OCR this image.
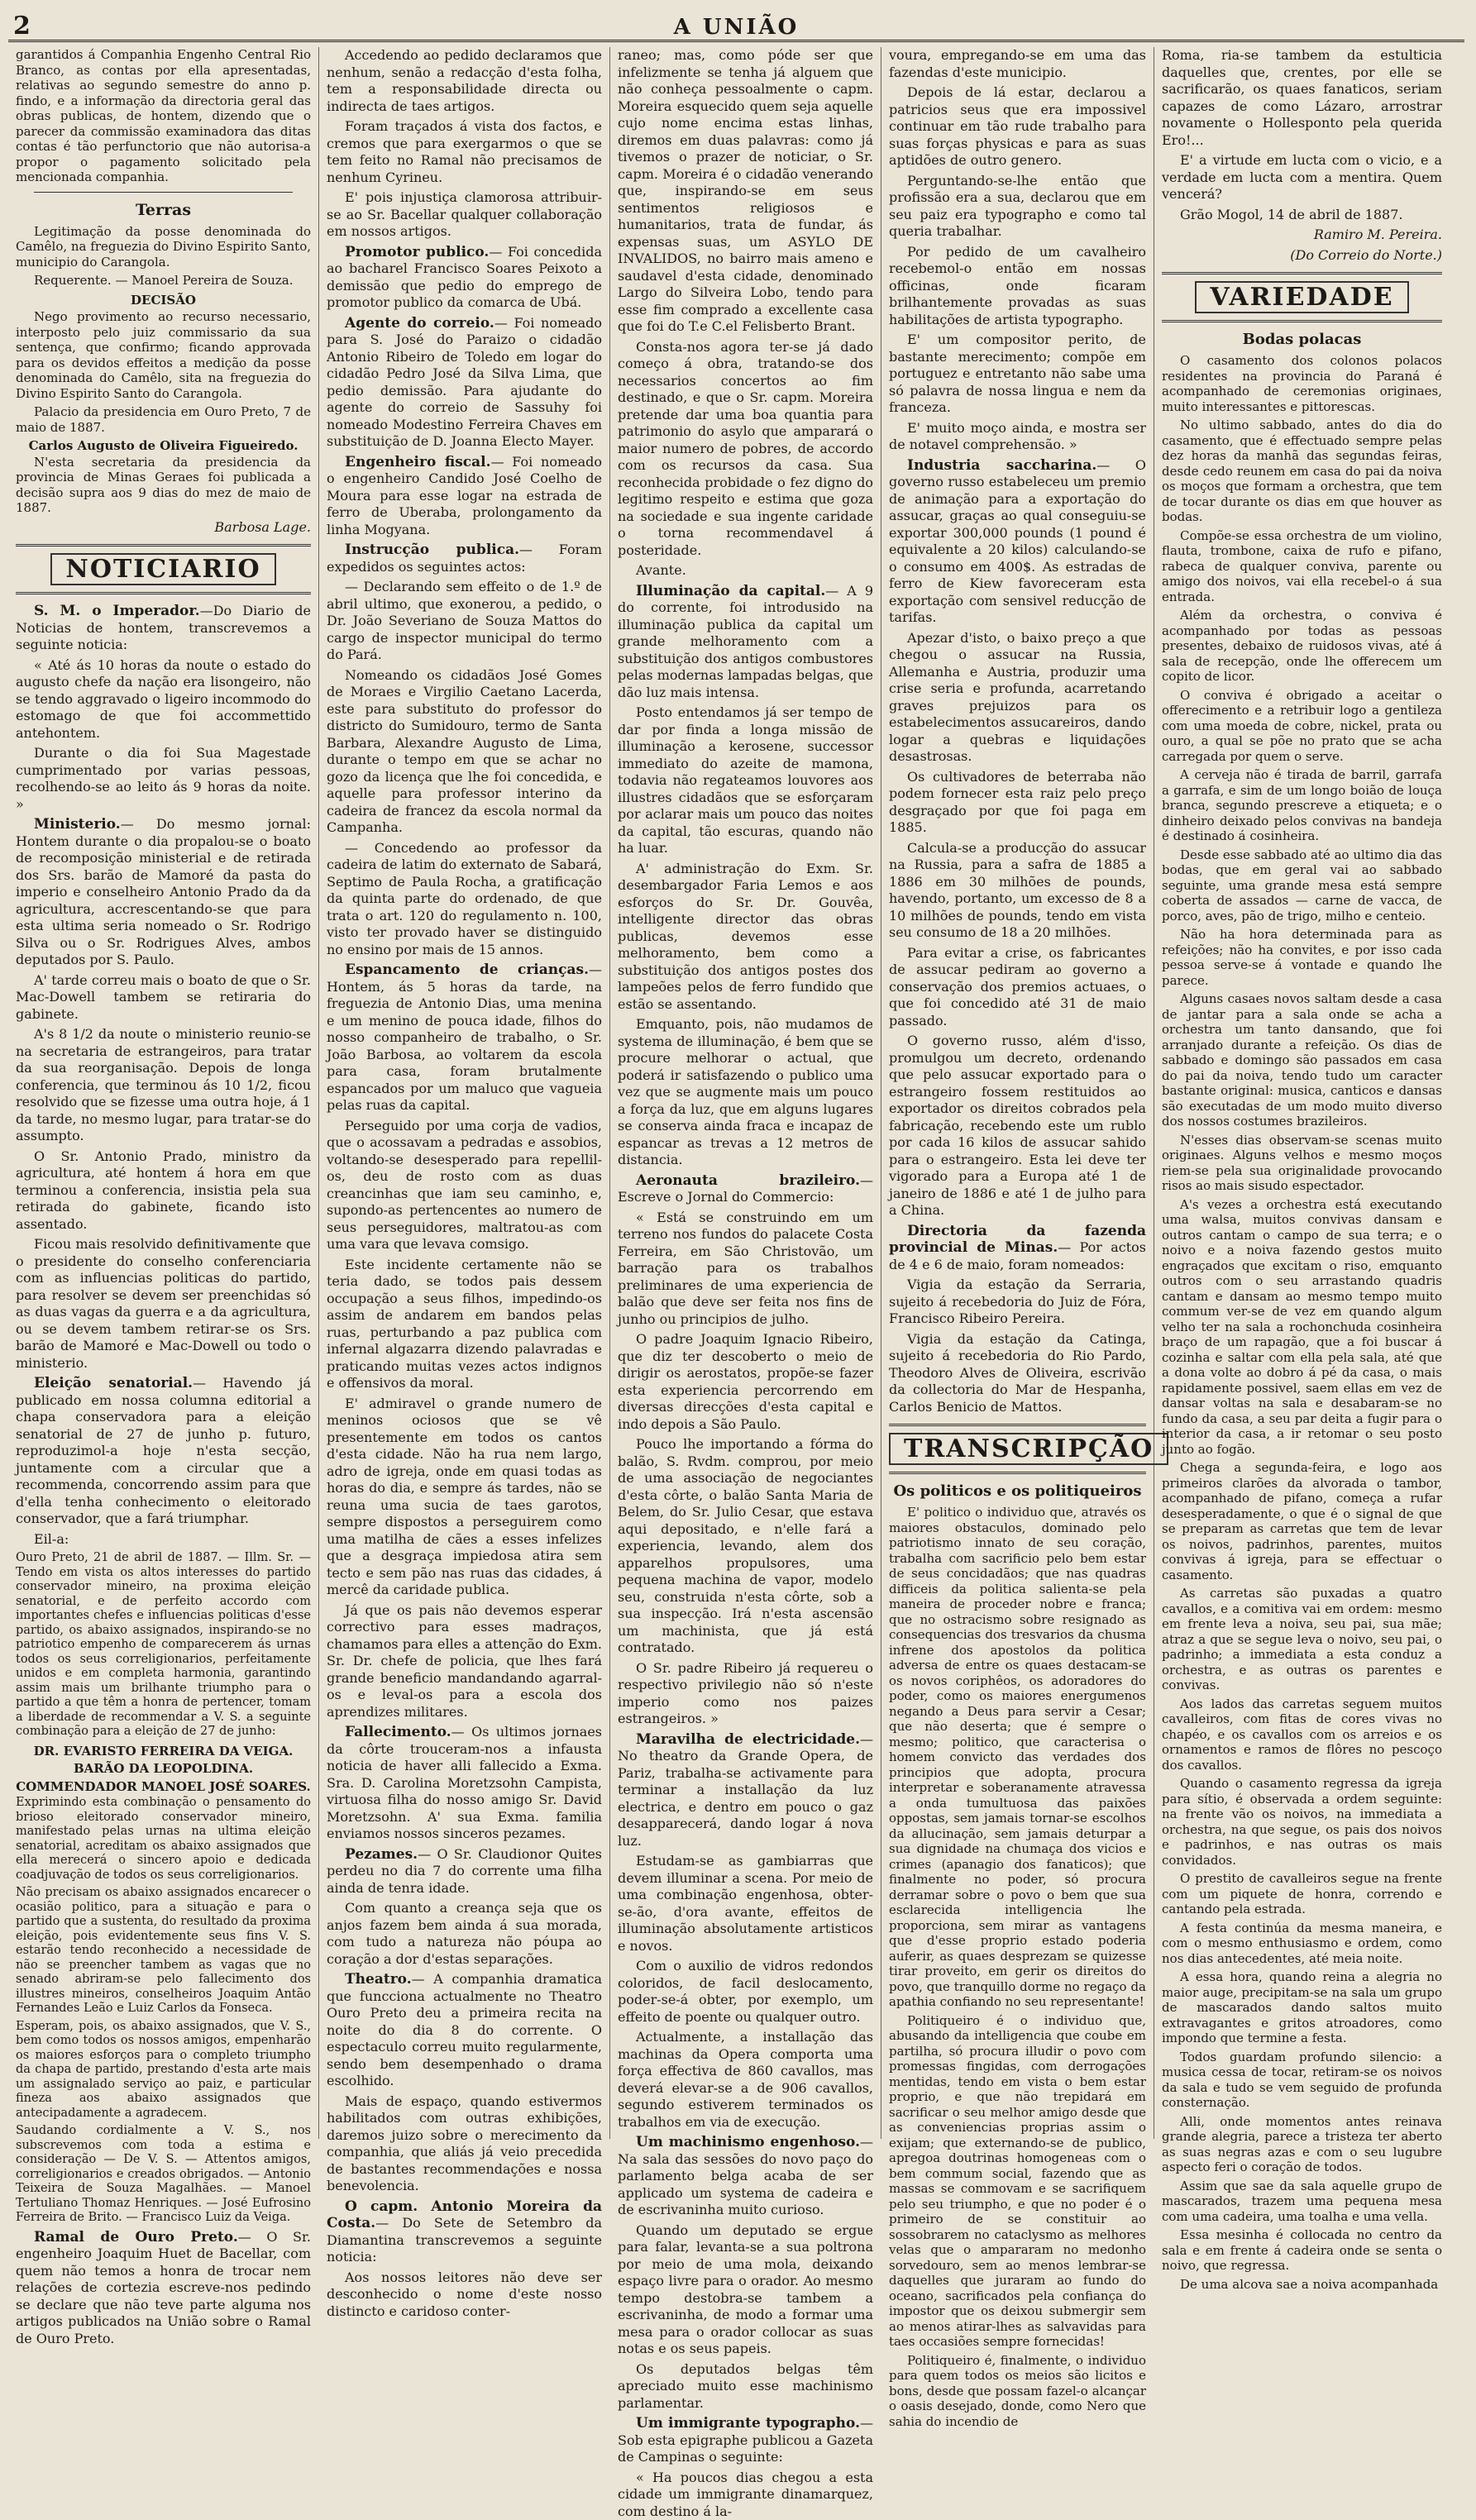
2	A UNIÃO

garantidos á Companhia Engenho Central Rio Branco, as contas por ella apresentadas, relativas ao segundo semestre do anno p. findo, e a informação da directoria geral das obras publicas, de hontem, dizendo que o parecer da commissão examinadora das ditas contas é tão perfunctorio que não autorisa-a propor o pagamento solicitado pela mencionada companhia.

Terras

Legitimação da posse denominada do Camêlo, na freguezia do Divino Espirito Santo, municipio do Carangola.

Requerente. — Manoel Pereira de Souza.

DECISÃO

Nego provimento ao recurso necessario, interposto pelo juiz commissario da sua sentença, que confirmo; ficando approvada para os devidos effeitos a medição da posse denominada do Camêlo, sita na freguezia do Divino Espirito Santo do Carangola.

Palacio da presidencia em Ouro Preto, 7 de maio de 1887.

Carlos Augusto de Oliveira Figueiredo.

N'esta secretaria da presidencia da provincia de Minas Geraes foi publicada a decisão supra aos 9 dias do mez de maio de 1887.

Barbosa Lage.

NOTICIARIO

S. M. o Imperador.—Do Diario de Noticias de hontem, transcrevemos a seguinte noticia:

« Até ás 10 horas da noute o estado do augusto chefe da nação era lisongeiro, não se tendo aggravado o ligeiro incommodo do estomago de que foi accommettido antehontem.

Durante o dia foi Sua Magestade cumprimentado por varias pessoas, recolhendo-se ao leito ás 9 horas da noite. »

Ministerio.— Do mesmo jornal: Hontem durante o dia propalou-se o boato de recomposição ministerial e de retirada dos Srs. barão de Mamoré da pasta do imperio e conselheiro Antonio Prado da da agricultura, accrescentando-se que para esta ultima seria nomeado o Sr. Rodrigo Silva ou o Sr. Rodrigues Alves, ambos deputados por S. Paulo.

A' tarde correu mais o boato de que o Sr. Mac-Dowell tambem se retiraria do gabinete.

A's 8 1/2 da noute o ministerio reunio-se na secretaria de estrangeiros, para tratar da sua reorganisação. Depois de longa conferencia, que terminou ás 10 1/2, ficou resolvido que se fizesse uma outra hoje, á 1 da tarde, no mesmo lugar, para tratar-se do assumpto.

O Sr. Antonio Prado, ministro da agricultura, até hontem á hora em que terminou a conferencia, insistia pela sua retirada do gabinete, ficando isto assentado.

Ficou mais resolvido definitivamente que o presidente do conselho conferenciaria com as influencias politicas do partido, para resolver se devem ser preenchidas só as duas vagas da guerra e a da agricultura, ou se devem tambem retirar-se os Srs. barão de Mamoré e Mac-Dowell ou todo o ministerio.

Eleição senatorial.— Havendo já publicado em nossa columna editorial a chapa conservadora para a eleição senatorial de 27 de junho p. futuro, reproduzimol-a hoje n'esta secção, juntamente com a circular que a recommenda, concorrendo assim para que d'ella tenha conhecimento o eleitorado conservador, que a fará triumphar.

Eil-a:

Ouro Preto, 21 de abril de 1887. — Illm. Sr. — Tendo em vista os altos interesses do partido conservador mineiro, na proxima eleição senatorial, e de perfeito accordo com importantes chefes e influencias politicas d'esse partido, os abaixo assignados, inspirando-se no patriotico empenho de comparecerem ás urnas todos os seus correligionarios, perfeitamente unidos e em completa harmonia, garantindo assim mais um brilhante triumpho para o partido a que têm a honra de pertencer, tomam a liberdade de recommendar a V. S. a seguinte combinação para a eleição de 27 de junho:

DR. EVARISTO FERREIRA DA VEIGA.

BARÃO DA LEOPOLDINA.

COMMENDADOR MANOEL JOSÉ SOARES.

Exprimindo esta combinação o pensamento do brioso eleitorado conservador mineiro, manifestado pelas urnas na ultima eleição senatorial, acreditam os abaixo assignados que ella merecerá o sincero apoio e dedicada coadjuvação de todos os seus correligionarios.

Não precisam os abaixo assignados encarecer o ocasião politico, para a situação e para o partido que a sustenta, do resultado da proxima eleição, pois evidentemente seus fins V. S. estarão tendo reconhecido a necessidade de não se preencher tambem as vagas que no senado abriram-se pelo fallecimento dos illustres mineiros, conselheiros Joaquim Antão Fernandes Leão e Luiz Carlos da Fonseca.

Esperam, pois, os abaixo assignados, que V. S., bem como todos os nossos amigos, empenharão os maiores esforços para o completo triumpho da chapa de partido, prestando d'esta arte mais um assignalado serviço ao paiz, e particular fineza aos abaixo assignados que antecipadamente a agradecem.

Saudando cordialmente a V. S., nos subscrevemos com toda a estima e consideração — De V. S. — Attentos amigos, correligionarios e creados obrigados. — Antonio Teixeira de Souza Magalhães. — Manoel Tertuliano Thomaz Henriques. — José Eufrosino Ferreira de Brito. — Francisco Luiz da Veiga.

Ramal de Ouro Preto.— O Sr. engenheiro Joaquim Huet de Bacellar, com quem não temos a honra de trocar nem relações de cortezia escreve-nos pedindo se declare que não teve parte alguma nos artigos publicados na União sobre o Ramal de Ouro Preto.

Accedendo ao pedido declaramos que nenhum, senão a redacção d'esta folha, tem a responsabilidade directa ou indirecta de taes artigos.

Foram traçados á vista dos factos, e cremos que para exergarmos o que se tem feito no Ramal não precisamos de nenhum Cyrineu.

E' pois injustiça clamorosa attribuir-se ao Sr. Bacellar qualquer collaboração em nossos artigos.

Promotor publico.— Foi concedida ao bacharel Francisco Soares Peixoto a demissão que pedio do emprego de promotor publico da comarca de Ubá.

Agente do correio.— Foi nomeado para S. José do Paraizo o cidadão Antonio Ribeiro de Toledo em logar do cidadão Pedro José da Silva Lima, que pedio demissão. Para ajudante do agente do correio de Sassuhy foi nomeado Modestino Ferreira Chaves em substituição de D. Joanna Electo Mayer.

Engenheiro fiscal.— Foi nomeado o engenheiro Candido José Coelho de Moura para esse logar na estrada de ferro de Uberaba, prolongamento da linha Mogyana.

Instrucção publica.— Foram expedidos os seguintes actos:

— Declarando sem effeito o de 1.º de abril ultimo, que exonerou, a pedido, o Dr. João Severiano de Souza Mattos do cargo de inspector municipal do termo do Pará.

Nomeando os cidadãos José Gomes de Moraes e Virgilio Caetano Lacerda, este para substituto do professor do districto do Sumidouro, termo de Santa Barbara, Alexandre Augusto de Lima, durante o tempo em que se achar no gozo da licença que lhe foi concedida, e aquelle para professor interino da cadeira de francez da escola normal da Campanha.

— Concedendo ao professor da cadeira de latim do externato de Sabará, Septimo de Paula Rocha, a gratificação da quinta parte do ordenado, de que trata o art. 120 do regulamento n. 100, visto ter provado haver se distinguido no ensino por mais de 15 annos.

Espancamento de crianças.— Hontem, ás 5 horas da tarde, na freguezia de Antonio Dias, uma menina e um menino de pouca idade, filhos do nosso companheiro de trabalho, o Sr. João Barbosa, ao voltarem da escola para casa, foram brutalmente espancados por um maluco que vagueia pelas ruas da capital.

Perseguido por uma corja de vadios, que o acossavam a pedradas e assobios, voltando-se desesperado para repellil-os, deu de rosto com as duas creancinhas que iam seu caminho, e, supondo-as pertencentes ao numero de seus perseguidores, maltratou-as com uma vara que levava comsigo.

Este incidente certamente não se teria dado, se todos pais dessem occupação a seus filhos, impedindo-os assim de andarem em bandos pelas ruas, perturbando a paz publica com infernal algazarra dizendo palavradas e praticando muitas vezes actos indignos e offensivos da moral.

E' admiravel o grande numero de meninos ociosos que se vê presentemente em todos os cantos d'esta cidade. Não ha rua nem largo, adro de igreja, onde em quasi todas as horas do dia, e sempre ás tardes, não se reuna uma sucia de taes garotos, sempre dispostos a perseguirem como uma matilha de cães a esses infelizes que a desgraça impiedosa atira sem tecto e sem pão nas ruas das cidades, á mercê da caridade publica.

Já que os pais não devemos esperar correctivo para esses madraços, chamamos para elles a attenção do Exm. Sr. Dr. chefe de policia, que lhes fará grande beneficio mandandando agarral-os e leval-os para a escola dos aprendizes militares.

Fallecimento.— Os ultimos jornaes da côrte trouceram-nos a infausta noticia de haver alli fallecido a Exma. Sra. D. Carolina Moretzsohn Campista, virtuosa filha do nosso amigo Sr. David Moretzsohn. A' sua Exma. familia enviamos nossos sinceros pezames.

Pezames.— O Sr. Claudionor Quites perdeu no dia 7 do corrente uma filha ainda de tenra idade.

Com quanto a creança seja que os anjos fazem bem ainda á sua morada, com tudo a natureza não póupa ao coração a dor d'estas separações.

Theatro.— A companhia dramatica que funcciona actualmente no Theatro Ouro Preto deu a primeira recita na noite do dia 8 do corrente. O espectaculo correu muito regularmente, sendo bem desempenhado o drama escolhido.

Mais de espaço, quando estivermos habilitados com outras exhibições, daremos juizo sobre o merecimento da companhia, que aliás já veio precedida de bastantes recommendações e nossa benevolencia.

O capm. Antonio Moreira da Costa.— Do Sete de Setembro da Diamantina transcrevemos a seguinte noticia:

Aos nossos leitores não deve ser desconhecido o nome d'este nosso distincto e caridoso conter-

raneo; mas, como póde ser que infelizmente se tenha já alguem que não conheça pessoalmente o capm. Moreira esquecido quem seja aquelle cujo nome encima estas linhas, diremos em duas palavras: como já tivemos o prazer de noticiar, o Sr. capm. Moreira é o cidadão venerando que, inspirando-se em seus sentimentos religiosos e humanitarios, trata de fundar, ás expensas suas, um ASYLO DE INVALIDOS, no bairro mais ameno e saudavel d'esta cidade, denominado Largo do Silveira Lobo, tendo para esse fim comprado a excellente casa que foi do T.e C.el Felisberto Brant.

Consta-nos agora ter-se já dado começo á obra, tratando-se dos necessarios concertos ao fim destinado, e que o Sr. capm. Moreira pretende dar uma boa quantia para patrimonio do asylo que amparará o maior numero de pobres, de accordo com os recursos da casa. Sua reconhecida probidade o fez digno do legitimo respeito e estima que goza na sociedade e sua ingente caridade o torna recommendavel á posteridade.

Avante.

Illuminação da capital.— A 9 do corrente, foi introdusido na illuminação publica da capital um grande melhoramento com a substituição dos antigos combustores pelas modernas lampadas belgas, que dão luz mais intensa.

Posto entendamos já ser tempo de dar por finda a longa missão de illuminação a kerosene, successor immediato do azeite de mamona, todavia não regateamos louvores aos illustres cidadãos que se esforçaram por aclarar mais um pouco das noites da capital, tão escuras, quando não ha luar.

A' administração do Exm. Sr. desembargador Faria Lemos e aos esforços do Sr. Dr. Gouvêa, intelligente director das obras publicas, devemos esse melhoramento, bem como a substituição dos antigos postes dos lampeões pelos de ferro fundido que estão se assentando.

Emquanto, pois, não mudamos de systema de illuminação, é bem que se procure melhorar o actual, que poderá ir satisfazendo o publico uma vez que se augmente mais um pouco a força da luz, que em alguns lugares se conserva ainda fraca e incapaz de espancar as trevas a 12 metros de distancia.

Aeronauta brazileiro.— Escreve o Jornal do Commercio:

« Está se construindo em um terreno nos fundos do palacete Costa Ferreira, em São Christovão, um barração para os trabalhos preliminares de uma experiencia de balão que deve ser feita nos fins de junho ou principios de julho.

O padre Joaquim Ignacio Ribeiro, que diz ter descoberto o meio de dirigir os aerostatos, propõe-se fazer esta experiencia percorrendo em diversas direcções d'esta capital e indo depois a São Paulo.

Pouco lhe importando a fórma do balão, S. Rvdm. comprou, por meio de uma associação de negociantes d'esta côrte, o balão Santa Maria de Belem, do Sr. Julio Cesar, que estava aqui depositado, e n'elle fará a experiencia, levando, alem dos apparelhos propulsores, uma pequena machina de vapor, modelo seu, construida n'esta côrte, sob a sua inspecção. Irá n'esta ascensão um machinista, que já está contratado.

O Sr. padre Ribeiro já requereu o respectivo privilegio não só n'este imperio como nos paizes estrangeiros. »

Maravilha de electricidade.— No theatro da Grande Opera, de Pariz, trabalha-se activamente para terminar a installação da luz electrica, e dentro em pouco o gaz desapparecerá, dando logar á nova luz.

Estudam-se as gambiarras que devem illuminar a scena. Por meio de uma combinação engenhosa, obter-se-ão, d'ora avante, effeitos de illuminação absolutamente artisticos e novos.

Com o auxilio de vidros redondos coloridos, de facil deslocamento, poder-se-á obter, por exemplo, um effeito de poente ou qualquer outro.

Actualmente, a installação das machinas da Opera comporta uma força effectiva de 860 cavallos, mas deverá elevar-se a de 906 cavallos, segundo estiverem terminados os trabalhos em via de execução.

Um machinismo engenhoso.— Na sala das sessões do novo paço do parlamento belga acaba de ser applicado um systema de cadeira e de escrivaninha muito curioso.

Quando um deputado se ergue para falar, levanta-se a sua poltrona por meio de uma mola, deixando espaço livre para o orador. Ao mesmo tempo destobra-se tambem a escrivaninha, de modo a formar uma mesa para o orador collocar as suas notas e os seus papeis.

Os deputados belgas têm apreciado muito esse machinismo parlamentar.

Um immigrante typographo.— Sob esta epigraphe publicou a Gazeta de Campinas o seguinte:

« Ha poucos dias chegou a esta cidade um immigrante dinamarquez, com destino á la-

voura, empregando-se em uma das fazendas d'este municipio.

Depois de lá estar, declarou a patricios seus que era impossivel continuar em tão rude trabalho para suas forças physicas e para as suas aptidões de outro genero.

Perguntando-se-lhe então que profissão era a sua, declarou que em seu paiz era typographo e como tal queria trabalhar.

Por pedido de um cavalheiro recebemol-o então em nossas officinas, onde ficaram brilhantemente provadas as suas habilitações de artista typographo.

E' um compositor perito, de bastante merecimento; compõe em portuguez e entretanto não sabe uma só palavra de nossa lingua e nem da franceza.

E' muito moço ainda, e mostra ser de notavel comprehensão. »

Industria saccharina.— O governo russo estabeleceu um premio de animação para a exportação do assucar, graças ao qual conseguiu-se exportar 300,000 pounds (1 pound é equivalente a 20 kilos) calculando-se o consumo em 400$. As estradas de ferro de Kiew favoreceram esta exportação com sensivel reducção de tarifas.

Apezar d'isto, o baixo preço a que chegou o assucar na Russia, Allemanha e Austria, produzir uma crise seria e profunda, acarretando graves prejuizos para os estabelecimentos assucareiros, dando logar a quebras e liquidações desastrosas.

Os cultivadores de beterraba não podem fornecer esta raiz pelo preço desgraçado por que foi paga em 1885.

Calcula-se a producção do assucar na Russia, para a safra de 1885 a 1886 em 30 milhões de pounds, havendo, portanto, um excesso de 8 a 10 milhões de pounds, tendo em vista seu consumo de 18 a 20 milhões.

Para evitar a crise, os fabricantes de assucar pediram ao governo a conservação dos premios actuaes, o que foi concedido até 31 de maio passado.

O governo russo, além d'isso, promulgou um decreto, ordenando que pelo assucar exportado para o estrangeiro fossem restituidos ao exportador os direitos cobrados pela fabricação, recebendo este um rublo por cada 16 kilos de assucar sahido para o estrangeiro. Esta lei deve ter vigorado para a Europa até 1 de janeiro de 1886 e até 1 de julho para a China.

Directoria da fazenda provincial de Minas.— Por actos de 4 e 6 de maio, foram nomeados:

Vigia da estação da Serraria, sujeito á recebedoria do Juiz de Fóra, Francisco Ribeiro Pereira.

Vigia da estação da Catinga, sujeito á recebedoria do Rio Pardo, Theodoro Alves de Oliveira, escrivão da collectoria do Mar de Hespanha, Carlos Benicio de Mattos.

TRANSCRIPÇÃO
Os politicos e os politiqueiros

E' politico o individuo que, através os maiores obstaculos, dominado pelo patriotismo innato de seu coração, trabalha com sacrificio pelo bem estar de seus concidadãos; que nas quadras difficeis da politica salienta-se pela maneira de proceder nobre e franca; que no ostracismo sobre resignado as consequencias dos tresvarios da chusma infrene dos apostolos da politica adversa de entre os quaes destacam-se os novos coriphêos, os adoradores do poder, como os maiores energumenos negando a Deus para servir a Cesar; que não deserta; que é sempre o mesmo; politico, que caracterisa o homem convicto das verdades dos principios que adopta, procura interpretar e soberanamente atravessa a onda tumultuosa das paixões oppostas, sem jamais tornar-se escolhos da allucinação, sem jamais deturpar a sua dignidade na chumaça dos vicios e crimes (apanagio dos fanaticos); que finalmente no poder, só procura derramar sobre o povo o bem que sua esclarecida intelligencia lhe proporciona, sem mirar as vantagens que d'esse proprio estado poderia auferir, as quaes desprezam se quizesse tirar proveito, em gerir os direitos do povo, que tranquillo dorme no regaço da apathia confiando no seu representante!

Politiqueiro é o individuo que, abusando da intelligencia que coube em partilha, só procura illudir o povo com promessas fingidas, com derrogações mentidas, tendo em vista o bem estar proprio, e que não trepidará em sacrificar o seu melhor amigo desde que as conveniencias proprias assim o exijam; que externando-se de publico, apregoa doutrinas homogeneas com o bem commum social, fazendo que as massas se commovam e se sacrifiquem pelo seu triumpho, e que no poder é o primeiro de se constituir ao sossobrarem no cataclysmo as melhores velas que o ampararam no medonho sorvedouro, sem ao menos lembrar-se daquelles que juraram ao fundo do oceano, sacrificados pela confiança do impostor que os deixou submergir sem ao menos atirar-lhes as salvavidas para taes occasiões sempre fornecidas!

Politiqueiro é, finalmente, o individuo para quem todos os meios são licitos e bons, desde que possam fazel-o alcançar o oasis desejado, donde, como Nero que sahia do incendio de

Roma, ria-se tambem da estulticia daquelles que, crentes, por elle se sacrificarão, os quaes fanaticos, seriam capazes de como Lázaro, arrostrar novamente o Hollesponto pela querida Ero!...

E' a virtude em lucta com o vicio, e a verdade em lucta com a mentira. Quem vencerá?

Grão Mogol, 14 de abril de 1887.

Ramiro M. Pereira.

(Do Correio do Norte.)

VARIEDADE
Bodas polacas

O casamento dos colonos polacos residentes na provincia do Paraná é acompanhado de ceremonias originaes, muito interessantes e pittorescas.

No ultimo sabbado, antes do dia do casamento, que é effectuado sempre pelas dez horas da manhã das segundas feiras, desde cedo reunem em casa do pai da noiva os moços que formam a orchestra, que tem de tocar durante os dias em que houver as bodas.

Compõe-se essa orchestra de um violino, flauta, trombone, caixa de rufo e pifano, rabeca de qualquer conviva, parente ou amigo dos noivos, vai ella recebel-o á sua entrada.

Além da orchestra, o conviva é acompanhado por todas as pessoas presentes, debaixo de ruidosos vivas, até á sala de recepção, onde lhe offerecem um copito de licor.

O conviva é obrigado a aceitar o offerecimento e a retribuir logo a gentileza com uma moeda de cobre, nickel, prata ou ouro, a qual se põe no prato que se acha carregada por quem o serve.

A cerveja não é tirada de barril, garrafa a garrafa, e sim de um longo boião de louça branca, segundo prescreve a etiqueta; e o dinheiro deixado pelos convivas na bandeja é destinado á cosinheira.

Desde esse sabbado até ao ultimo dia das bodas, que em geral vai ao sabbado seguinte, uma grande mesa está sempre coberta de assados — carne de vacca, de porco, aves, pão de trigo, milho e centeio.

Não ha hora determinada para as refeições; não ha convites, e por isso cada pessoa serve-se á vontade e quando lhe parece.

Alguns casaes novos saltam desde a casa de jantar para a sala onde se acha a orchestra um tanto dansando, que foi arranjado durante a refeição. Os dias de sabbado e domingo são passados em casa do pai da noiva, tendo tudo um caracter bastante original: musica, canticos e dansas são executadas de um modo muito diverso dos nossos costumes brazileiros.

N'esses dias observam-se scenas muito originaes. Alguns velhos e mesmo moços riem-se pela sua originalidade provocando risos ao mais sisudo espectador.

A's vezes a orchestra está executando uma walsa, muitos convivas dansam e outros cantam o campo de sua terra; e o noivo e a noiva fazendo gestos muito engraçados que excitam o riso, emquanto outros com o seu arrastando quadris cantam e dansam ao mesmo tempo muito commum ver-se de vez em quando algum velho ter na sala a rochonchuda cosinheira braço de um rapagão, que a foi buscar á cozinha e saltar com ella pela sala, até que a dona volte ao dobro á pé da casa, o mais rapidamente possivel, saem ellas em vez de dansar voltas na sala e desabaram-se no fundo da casa, a seu par deita a fugir para o interior da casa, a ir retomar o seu posto junto ao fogão.

Chega a segunda-feira, e logo aos primeiros clarões da alvorada o tambor, acompanhado de pifano, começa a rufar desesperadamente, o que é o signal de que se preparam as carretas que tem de levar os noivos, padrinhos, parentes, muitos convivas á igreja, para se effectuar o casamento.

As carretas são puxadas a quatro cavallos, e a comitiva vai em ordem: mesmo em frente leva a noiva, seu pai, sua mãe; atraz a que se segue leva o noivo, seu pai, o padrinho; a immediata a esta conduz a orchestra, e as outras os parentes e convivas.

Aos lados das carretas seguem muitos cavalleiros, com fitas de cores vivas no chapéo, e os cavallos com os arreios e os ornamentos e ramos de flôres no pescoço dos cavallos.

Quando o casamento regressa da igreja para sítio, é observada a ordem seguinte: na frente vão os noivos, na immediata a orchestra, na que segue, os pais dos noivos e padrinhos, e nas outras os mais convidados.

O prestito de cavalleiros segue na frente com um piquete de honra, correndo e cantando pela estrada.

A festa continúa da mesma maneira, e com o mesmo enthusiasmo e ordem, como nos dias antecedentes, até meia noite.

A essa hora, quando reina a alegria no maior auge, precipitam-se na sala um grupo de mascarados dando saltos muito extravagantes e gritos atroadores, como impondo que termine a festa.

Todos guardam profundo silencio: a musica cessa de tocar, retiram-se os noivos da sala e tudo se vem seguido de profunda consternação.

Alli, onde momentos antes reinava grande alegria, parece a tristeza ter aberto as suas negras azas e com o seu lugubre aspecto feri o coração de todos.

Assim que sae da sala aquelle grupo de mascarados, trazem uma pequena mesa com uma cadeira, uma toalha e uma vella.

Essa mesinha é collocada no centro da sala e em frente á cadeira onde se senta o noivo, que regressa.

De uma alcova sae a noiva acompanhada
